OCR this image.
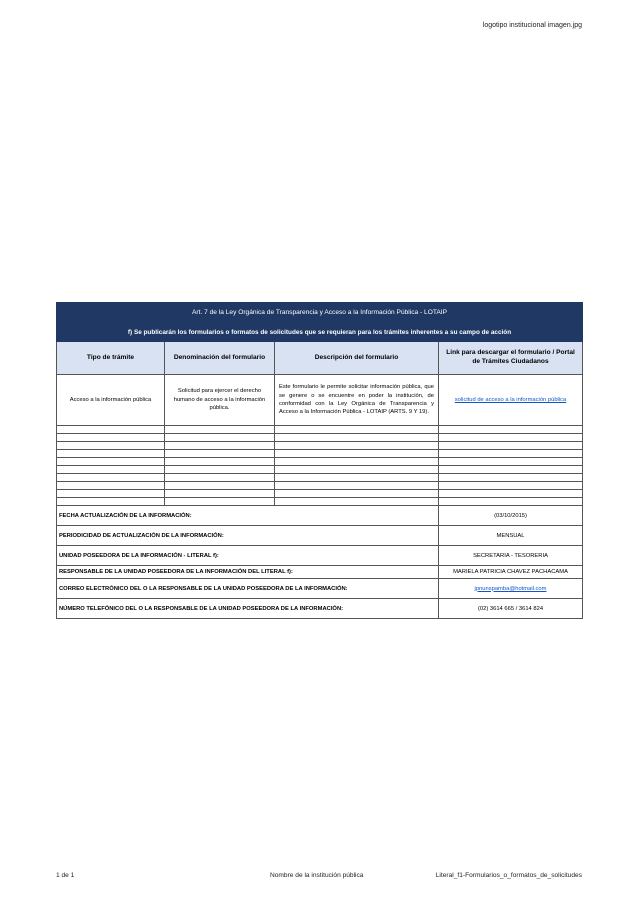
logotipo institucional imagen.jpg
Art. 7 de la Ley Orgánica de Transparencia y Acceso a la Información Pública - LOTAIP			
f) Se publicarán los formularios o formatos de solicitudes que se requieran para los trámites inherentes a su campo de acción			
Tipo de trámite	Denominación del formulario	Descripción del formulario	Link para descargar el formulario / Portal de Trámites Ciudadanos
Acceso a la información pública	Solicitud para ejercer el derecho humano de acceso a la información pública.	Este formulario le permite solicitar información pública, que se genere o se encuentre en poder la institución, de conformidad con la Ley Orgánica de Transparencia y Acceso a la Información Pública - LOTAIP (ARTS. 9 Y 19).	solicitud de acceso a la información pública

FECHA ACTUALIZACIÓN DE LA INFORMACIÓN:			(03/10/2015)
PERIODICIDAD DE ACTUALIZACIÓN DE LA INFORMACIÓN:			MENSUAL
UNIDAD POSEEDORA DE LA INFORMACIÓN - LITERAL f):			SECRETARIA - TESORERIA
RESPONSABLE DE LA UNIDAD POSEEDORA DE LA INFORMACIÓN DEL LITERAL f):			MARIELA PATRICIA CHAVEZ PACHACAMA
CORREO ELECTRÓNICO DEL O LA RESPONSABLE DE LA UNIDAD POSEEDORA DE LA INFORMACIÓN:			jpnunspamba@hotmail.com
NÚMERO TELEFÓNICO DEL O LA RESPONSABLE DE LA UNIDAD POSEEDORA DE LA INFORMACIÓN:			(02) 3614 665 / 3614 824
1 de 1	Nombre de la institución pública	Literal_f1-Formularios_o_formatos_de_solicitudes
